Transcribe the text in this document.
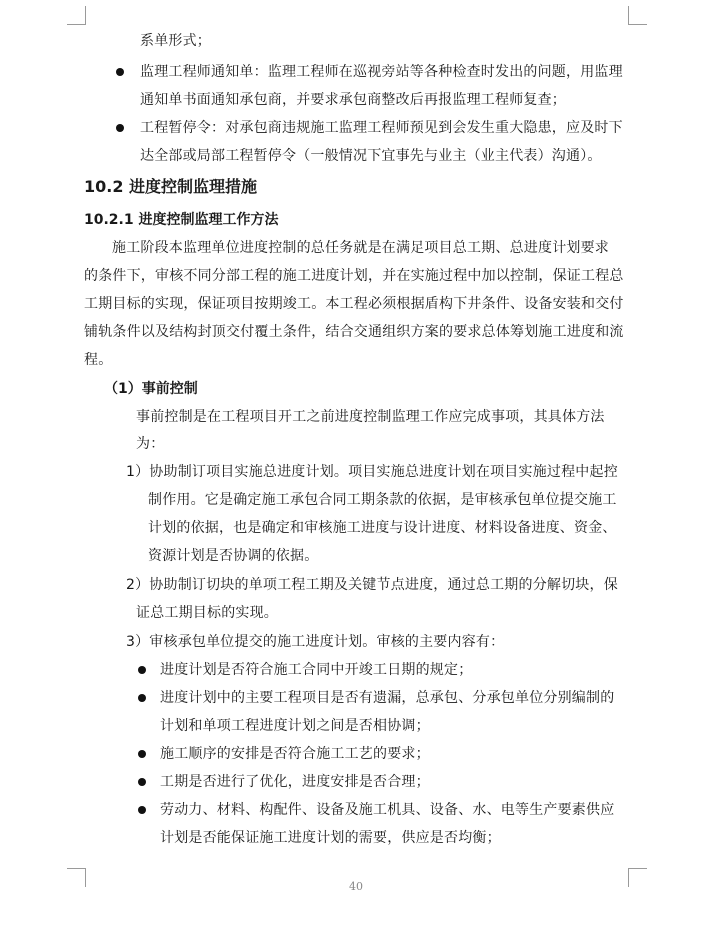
系单形式；
监理工程师通知单：监理工程师在巡视旁站等各种检查时发出的问题，用监理
通知单书面通知承包商，并要求承包商整改后再报监理工程师复查；
工程暂停令：对承包商违规施工监理工程师预见到会发生重大隐患，应及时下
达全部或局部工程暂停令（一般情况下宜事先与业主（业主代表）沟通）。
10.2 进度控制监理措施
10.2.1 进度控制监理工作方法
施工阶段本监理单位进度控制的总任务就是在满足项目总工期、总进度计划要求
的条件下，审核不同分部工程的施工进度计划，并在实施过程中加以控制，保证工程总
工期目标的实现，保证项目按期竣工。本工程必须根据盾构下井条件、设备安装和交付
铺轨条件以及结构封顶交付覆土条件，结合交通组织方案的要求总体筹划施工进度和流
程。
（1）事前控制
事前控制是在工程项目开工之前进度控制监理工作应完成事项，其具体方法
为：
1）协助制订项目实施总进度计划。项目实施总进度计划在项目实施过程中起控
制作用。它是确定施工承包合同工期条款的依据，是审核承包单位提交施工
计划的依据，也是确定和审核施工进度与设计进度、材料设备进度、资金、
资源计划是否协调的依据。
2）协助制订切块的单项工程工期及关键节点进度，通过总工期的分解切块，保
证总工期目标的实现。
3）审核承包单位提交的施工进度计划。审核的主要内容有：
进度计划是否符合施工合同中开竣工日期的规定；
进度计划中的主要工程项目是否有遗漏，总承包、分承包单位分别编制的
计划和单项工程进度计划之间是否相协调；
施工顺序的安排是否符合施工工艺的要求；
工期是否进行了优化，进度安排是否合理；
劳动力、材料、构配件、设备及施工机具、设备、水、电等生产要素供应
计划是否能保证施工进度计划的需要，供应是否均衡；
40
